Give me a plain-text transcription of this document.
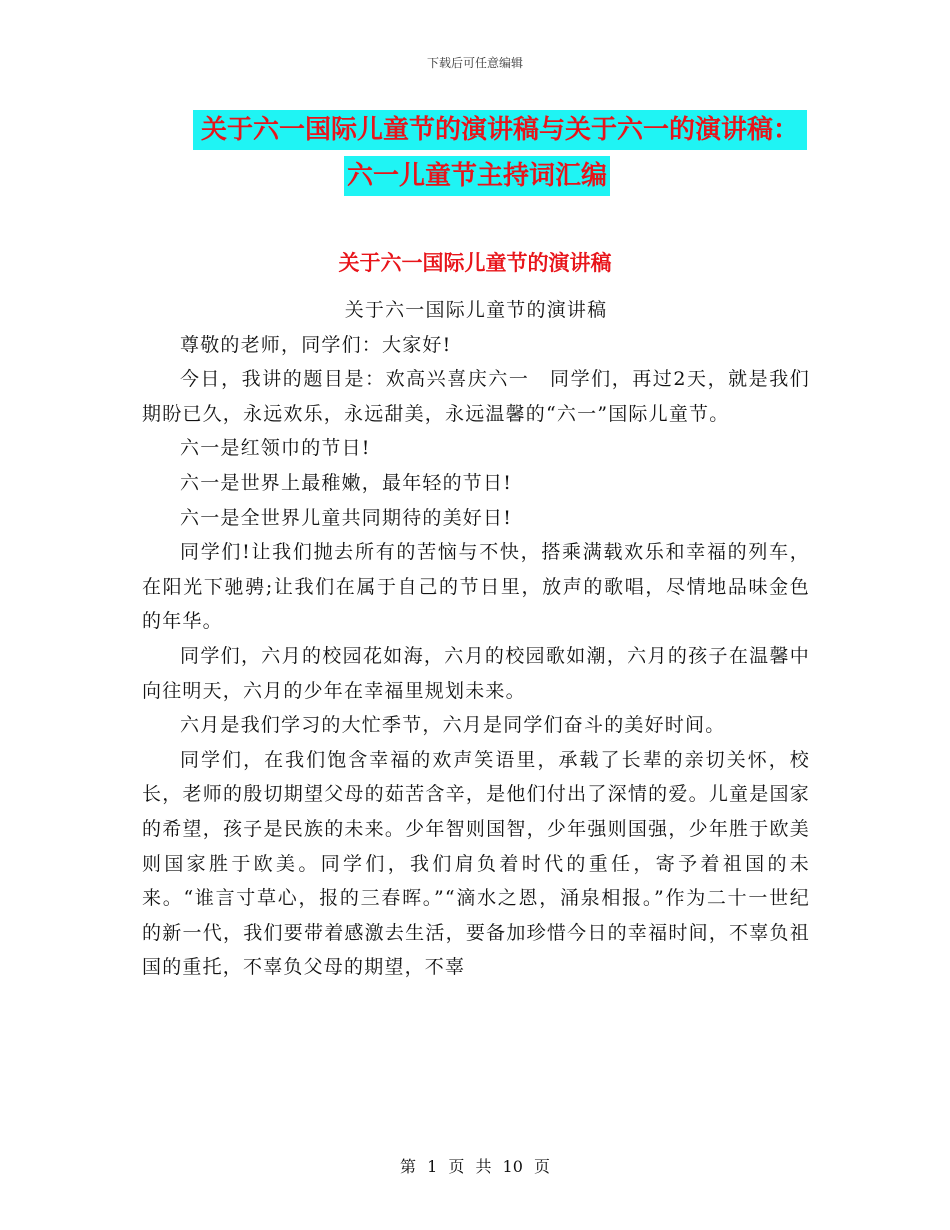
下载后可任意编辑
关于六一国际儿童节的演讲稿与关于六一的演讲稿：
六一儿童节主持词汇编
关于六一国际儿童节的演讲稿

关于六一国际儿童节的演讲稿

尊敬的老师，同学们：大家好!

今日，我讲的题目是：欢高兴喜庆六一　同学们，再过2天，就是我们期盼已久，永远欢乐，永远甜美，永远温馨的“六一”国际儿童节。

六一是红领巾的节日!

六一是世界上最稚嫩，最年轻的节日!

六一是全世界儿童共同期待的美好日!

同学们!让我们抛去所有的苦恼与不快，搭乘满载欢乐和幸福的列车，在阳光下驰骋;让我们在属于自己的节日里，放声的歌唱，尽情地品味金色的年华。

同学们，六月的校园花如海，六月的校园歌如潮，六月的孩子在温馨中向往明天，六月的少年在幸福里规划未来。

六月是我们学习的大忙季节，六月是同学们奋斗的美好时间。

同学们，在我们饱含幸福的欢声笑语里，承载了长辈的亲切关怀，校长，老师的殷切期望父母的茹苦含辛，是他们付出了深情的爱。儿童是国家的希望，孩子是民族的未来。少年智则国智，少年强则国强，少年胜于欧美则国家胜于欧美。同学们，我们肩负着时代的重任，寄予着祖国的未来。“谁言寸草心，报的三春晖。”“滴水之恩，涌泉相报。”作为二十一世纪的新一代，我们要带着感激去生活，要备加珍惜今日的幸福时间，不辜负祖国的重托，不辜负父母的期望，不辜

第 1 页 共 10 页
